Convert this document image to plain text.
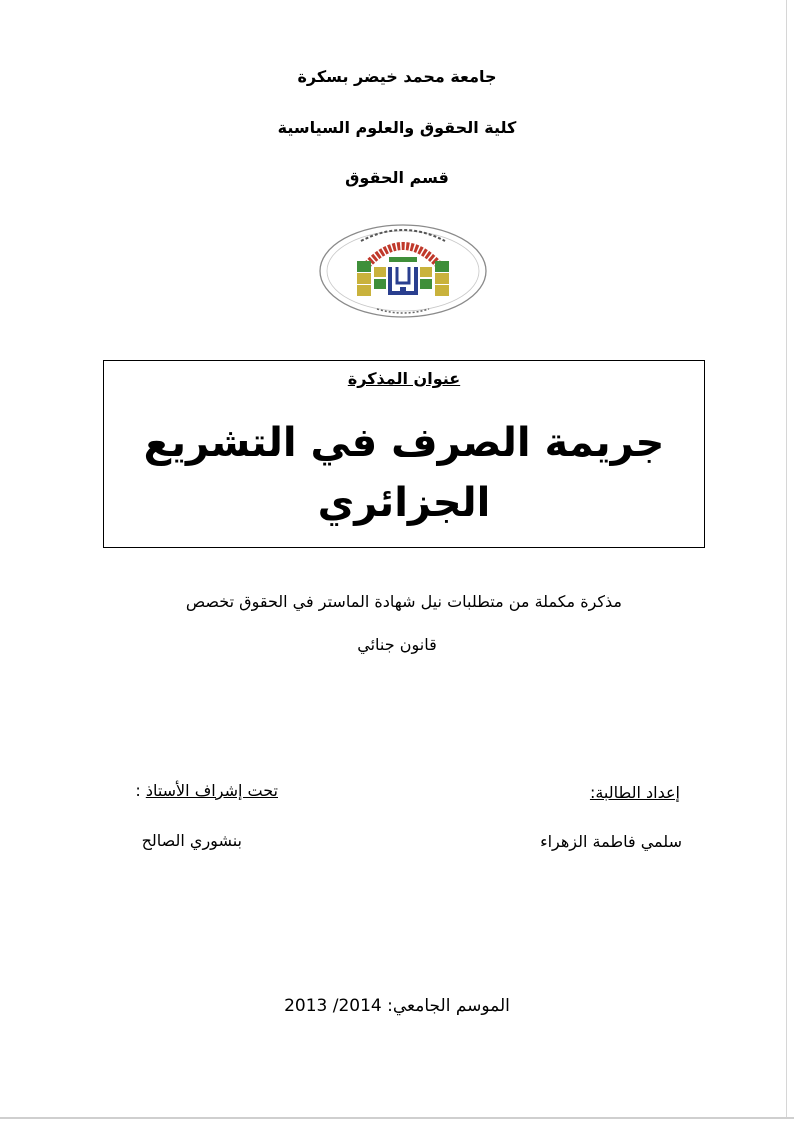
جامعة محمد خيضر بسكرة
كلية الحقوق والعلوم السياسية
قسم الحقوق
عنوان المذكرة
جريمة الصرف في التشريع
الجزائري
مذكرة مكملة من متطلبات نيل شهادة الماستر في الحقوق تخصص
قانون جنائي
إعداد الطالبة:
تحت إشراف الأستاذ :
سلمي فاطمة الزهراء
بنشوري الصالح
2013 /2014 الموسم الجامعي:
